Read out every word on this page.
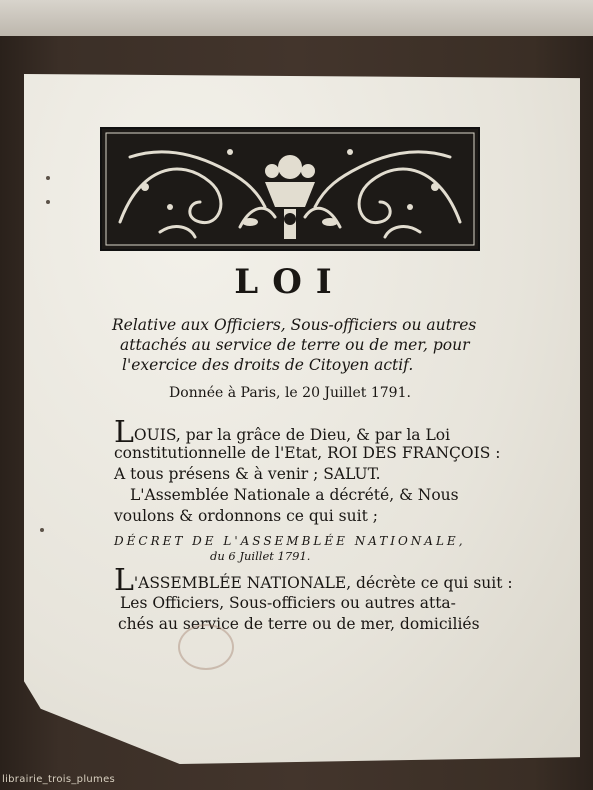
LOI
Relative aux Officiers, Sous-officiers ou autres
attachés au service de terre ou de mer, pour
l'exercice des droits de Citoyen actif.
Donnée à Paris, le 20 Juillet 1791.
LOUIS, par la grâce de Dieu, & par la Loi
constitutionnelle de l'Etat, ROI DES FRANÇOIS :
A tous présens & à venir ; SALUT.
L'Assemblée Nationale a décrété, & Nous
voulons & ordonnons ce qui suit ;
DÉCRET DE L'ASSEMBLÉE NATIONALE,
du 6 Juillet 1791.
L'ASSEMBLÉE NATIONALE, décrète ce qui suit :
Les Officiers, Sous-officiers ou autres atta-
chés au service de terre ou de mer, domiciliés
librairie_trois_plumes
